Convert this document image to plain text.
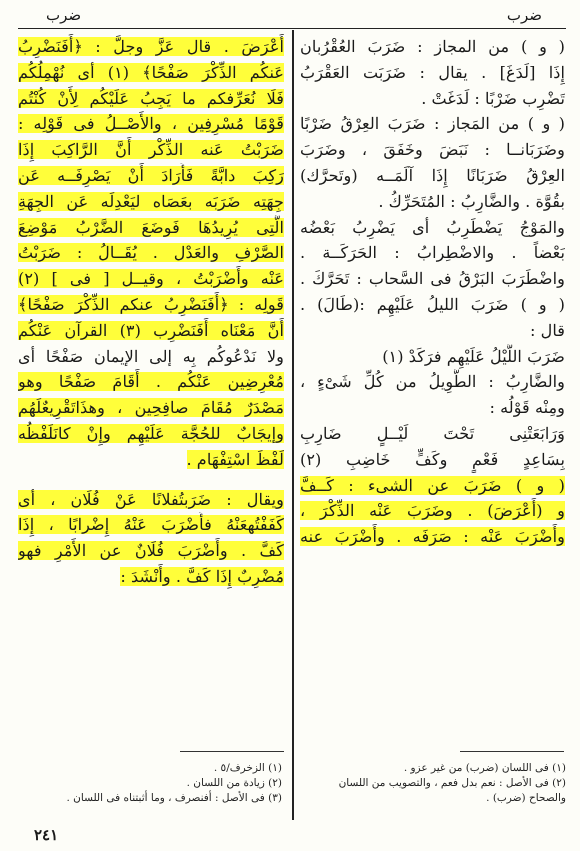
ضرب	ضرب
أَعْرَضَ . قال عَزَّ وجلَّ : ﴿أَفَنَضْرِبُ
عَنكُم الذِّكْرَ صَفْحًا﴾ (١) أى نُهْمِلُكُم
فَلَا نُعَرِّفكم ما يَجِبُ عَلَيْكُم لِأَنْ كُنْتُم
قَوْمًا مُسْرِفِين ، والأَصْــلُ فى قَوْلِه :
ضَرَبْتُ عَنه الذِّكْر أَنَّ الرَّاكِبَ إِذَا
رَكِبَ دابَّةً فَأَرَادَ أَنْ يَصْرِفَــه عَن
جِهَتِه ضَرَبَه بعَصَاه ليَعْدِلَه عَن الجِهَةِ
الَّتِى يُرِيدُهَا فَوضَعَ الضَّرْبُ مَوْضِعَ
الصَّرْفِ والعَدْل . يُقَــالُ : ضَرَبْتُ
عَنْه وأَضْرَبْتُ ، وقيــل [ فى ] (٢)
قَولِه : ﴿أَفَنَضْرِبُ عنكم الذِّكْرَ صَفْحًا﴾
أَنَّ مَعْنَاه أَفَنَضْرِب (٣) القرآن عَنْكُم
ولا نَدْعُوكُم بِه إلى الإيمان صَفْحًا أى
مُعْرِضِين عَنْكُم . أَقَامَ صَفْحًا وهو
مَصْدَرٌ مُقَامَ صافِحِين ، وهذَاتَقْرِيعٌلَهُم
وإيجَابٌ للحُجَّة عَلَيْهِم وإِنْ كانَلَفْظُه
لَفْظَ اسْتِفْهَام .
ويقال : ضَرَبتُفلانًا عَنْ فُلَان ، أى
كَفَفْتُهعَنْهُ فأَضْرَبَ عَنْهُ إِضْرابًا ، إِذَا
كَفَّ . وأَضْرَبَ فُلَانٌ عن الأَمْرِ فهو
مُضْرِبٌ إِذَا كَفَّ . وأَنْشَدَ :
( و ) من المجاز : ضَرَبَ العُقْرُبان
إِذَا [لَدَغَ] . يقال : ضَرَبَت العَقْرَبُ
تَضْرِب ضَرْبًا : لَدَغَتْ .
( و ) من المَجاز : ضَرَبَ العِرْقُ ضَرْبًا
وضَرَبَانــا : نَبَضَ وخَفَقَ ، وضَرَبَ
العِرْقُ ضَرَبَانًا إِذَا آلَمَــه (وتَحرَّك)
بقُوَّة . والضَّارِبُ : المُتَحَرِّكُ .
والمَوْجُ يَضْطَرِبُ أى يَضْرِبُ بَعْضُه
بَعْضاً . والاضْطِرابُ : الحَرَكَــة .
واضْطَرَبَ البَرْقُ فى السَّحاب : تَحَرَّكَ .
( و ) ضَرَبَ الليلُ عَلَيْهِم :(طَالَ) .
قال :
ضَرَبَ اللَّيْلُ عَلَيْهِم فرَكَدْ (١)
والضَّارِبُ : الطَّوِيلُ من كُلِّ شَىْءٍ ،
ومِنْه قَوْلُه :
وَرَابَعَتْنِى تَحْتَ لَيْــلٍ ضَارِبِ
بِسَاعِدٍ فَعْمٍ وكَفٍّ خَاضِبِ (٢)
( و ) ضَرَبَ عن الشىء : كَــفَّ
و (أَعْرَضَ) . وضَرَبَ عَنْه الذِّكْرَ ،
وأَضْرَبَ عَنْه : صَرَفَه . وأَضْرَبَ عنه
(١) الزخرف/٥ .
(٢) زيادة من اللسان .
(٣) فى الأصل : أفنصرف ، وما أثبتناه فى اللسان .
(١) فى اللسان (ضرب) من غير عزو .
(٢) فى الأصل : نعم بدل فعم ، والتصويب من اللسان
والصحاح (ضرب) .
٢٤١
